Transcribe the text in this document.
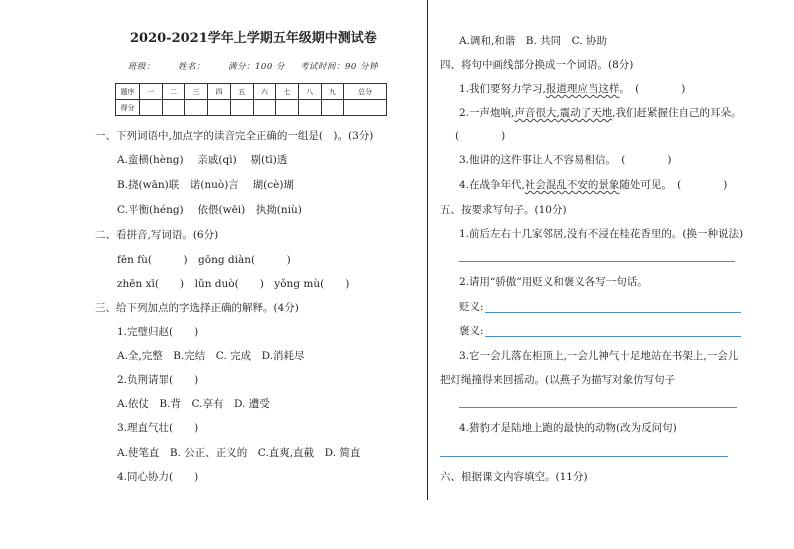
2020-2021学年上学期五年级期中测试卷
班级：	姓名：	满分：100 分 考试时间：90 分钟
题序	一	二	三	四	五	六	七	八	九	总分
得分										
一、下列词语中,加点字的读音完全正确的一组是(　)。(3分)
A.蛮横(hèng)　 亲戚(qì)　 剔(tī)透
B.挠(wān)联　诺(nuò)言　 瑚(cè)瑚
C.平衡(héng)　 依偎(wēi)　执拗(niù)
二、看拼音,写词语。(6分)
fēn fù(　　　)　gōng diàn(　　　)
zhēn xī(　　)　lǔn duò(　　)　yǒng mù(　　)
三、给下列加点的字选择正确的解释。(4分)
1.完璧归赵(　　)
A.全,完整　B.完结　C. 完成　D.消耗尽
2.负荆请罪(　　)
A.依仗　B.背　C.享有　D. 遭受
3.理直气壮(　　)
A.使笔直　B. 公正、正义的　C.直爽,直截　D. 简直
4.同心协力(　　)
A.调和,和谐　B. 共同　C. 协助
四、将句中画线部分换成一个词语。(8分)
1.我们要努力学习,报道理应当这样。　(　　　　)
2.一声炮响,声音很大,震动了天地,我们赶紧握住自己的耳朵。
(　　　　)
3.他讲的这件事让人不容易相信。　(　　　　)
4.在战争年代,社会混乱不安的景象随处可见。　(　　　　)
五、按要求写句子。(10分)
1.前后左右十几家邻居,没有不浸在桂花香里的。(换一种说法)
2.请用“骄傲”用贬义和褒义各写一句话。
贬义:
褒义:
3.它一会儿落在柜顶上,一会儿神气十足地站在书架上,一会儿
把灯绳撞得来回摇动。(以燕子为描写对象仿写句子
4.猎豹才是陆地上跑的最快的动物(改为反问句)
六、根据课文内容填空。(11分)
